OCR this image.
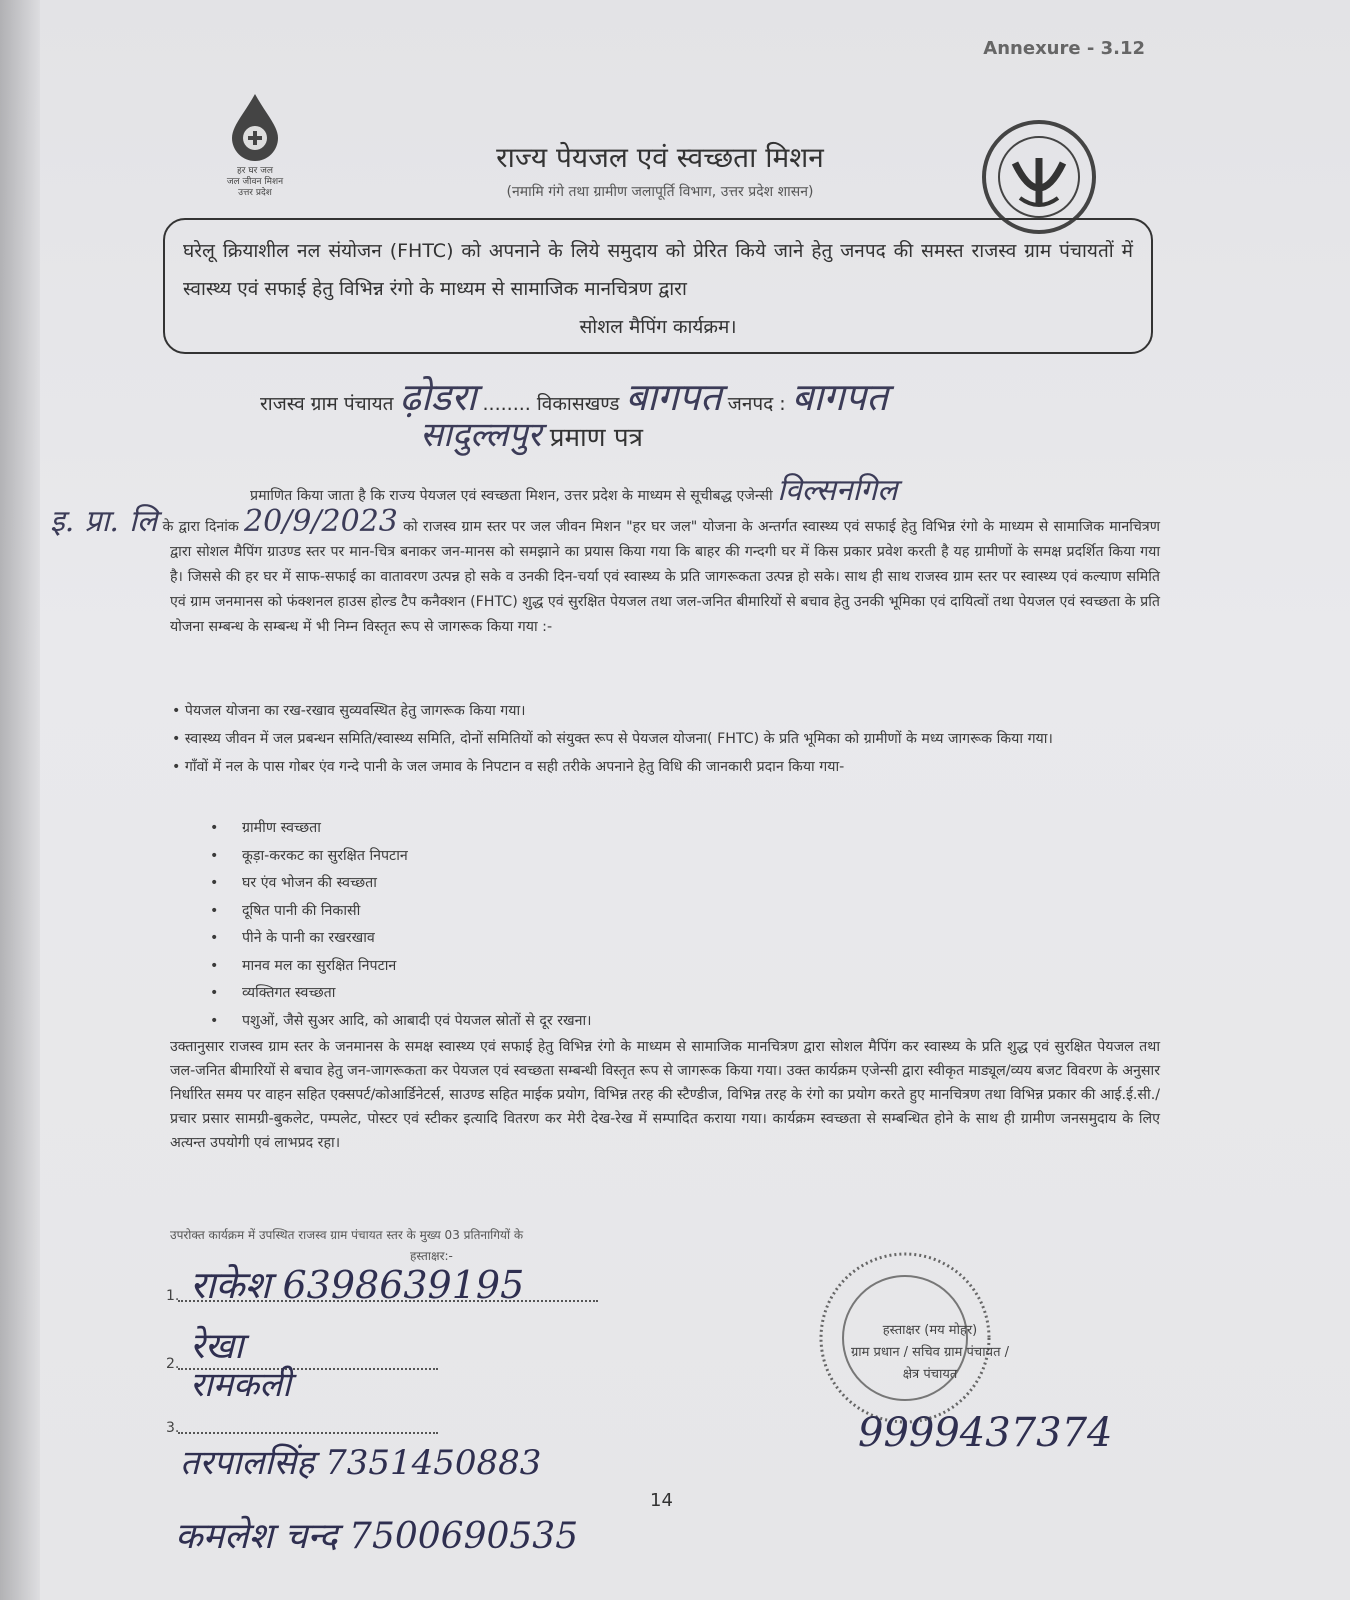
Annexure - 3.12
हर घर जल
जल जीवन मिशन
उत्तर प्रदेश
राज्य पेयजल एवं स्वच्छता मिशन
(नमामि गंगे तथा ग्रामीण जलापूर्ति विभाग, उत्तर प्रदेश शासन)
घरेलू क्रियाशील नल संयोजन (FHTC) को अपनाने के लिये समुदाय को प्रेरित किये जाने हेतु जनपद की समस्त राजस्व ग्राम पंचायतों में स्वास्थ्य एवं सफाई हेतु विभिन्न रंगो के माध्यम से सामाजिक मानचित्रण द्वारा
सोशल मैपिंग कार्यक्रम।
राजस्व ग्राम पंचायत ढ़ोडरा ........ विकासखण्ड बागपत जनपद : बागपत
सादुल्लपुर प्रमाण पत्र
प्रमाणित किया जाता है कि राज्य पेयजल एवं स्वच्छता मिशन, उत्तर प्रदेश के माध्यम से सूचीबद्ध एजेन्सी विल्सनगिल
इ. प्रा. लि के द्वारा दिनांक 20/9/2023 को राजस्व ग्राम स्तर पर जल जीवन मिशन "हर घर जल" योजना के अन्तर्गत स्वास्थ्य एवं सफाई हेतु विभिन्न रंगो के माध्यम से सामाजिक मानचित्रण द्वारा सोशल मैपिंग ग्राउण्ड स्तर पर मान-चित्र बनाकर जन-मानस को समझाने का प्रयास किया गया कि बाहर की गन्दगी घर में किस प्रकार प्रवेश करती है यह ग्रामीणों के समक्ष प्रदर्शित किया गया है। जिससे की हर घर में साफ-सफाई का वातावरण उत्पन्न हो सके व उनकी दिन-चर्या एवं स्वास्थ्य के प्रति जागरूकता उत्पन्न हो सके। साथ ही साथ राजस्व ग्राम स्तर पर स्वास्थ्य एवं कल्याण समिति एवं ग्राम जनमानस को फंक्शनल हाउस होल्ड टैप कनैक्शन (FHTC) शुद्ध एवं सुरक्षित पेयजल तथा जल-जनित बीमारियों से बचाव हेतु उनकी भूमिका एवं दायित्वों तथा पेयजल एवं स्वच्छता के प्रति योजना सम्बन्ध के सम्बन्ध में भी निम्न विस्तृत रूप से जागरूक किया गया :-
• पेयजल योजना का रख-रखाव सुव्यवस्थित हेतु जागरूक किया गया।
• स्वास्थ्य जीवन में जल प्रबन्धन समिति/स्वास्थ्य समिति, दोनों समितियों को संयुक्त रूप से पेयजल योजना( FHTC) के प्रति भूमिका को ग्रामीणों के मध्य जागरूक किया गया।
• गाँवों में नल के पास गोबर एंव गन्दे पानी के जल जमाव के निपटान व सही तरीके अपनाने हेतु विधि की जानकारी प्रदान किया गया-
• ग्रामीण स्वच्छता
• कूड़ा-करकट का सुरक्षित निपटान
• घर एंव भोजन की स्वच्छता
• दूषित पानी की निकासी
• पीने के पानी का रखरखाव
• मानव मल का सुरक्षित निपटान
• व्यक्तिगत स्वच्छता
• पशुओं, जैसे सुअर आदि, को आबादी एवं पेयजल स्रोतों से दूर रखना।
उक्तानुसार राजस्व ग्राम स्तर के जनमानस के समक्ष स्वास्थ्य एवं सफाई हेतु विभिन्न रंगो के माध्यम से सामाजिक मानचित्रण द्वारा सोशल मैपिंग कर स्वास्थ्य के प्रति शुद्ध एवं सुरक्षित पेयजल तथा जल-जनित बीमारियों से बचाव हेतु जन-जागरूकता कर पेयजल एवं स्वच्छता सम्बन्धी विस्तृत रूप से जागरूक किया गया। उक्त कार्यक्रम एजेन्सी द्वारा स्वीकृत माड्यूल/व्यय बजट विवरण के अनुसार निर्धारित समय पर वाहन सहित एक्सपर्ट/कोआर्डिनेटर्स, साउण्ड सहित माईक प्रयोग, विभिन्न तरह की स्टैण्डीज, विभिन्न तरह के रंगो का प्रयोग करते हुए मानचित्रण तथा विभिन्न प्रकार की आई.ई.सी./प्रचार प्रसार सामग्री-बुकलेट, पम्पलेट, पोस्टर एवं स्टीकर इत्यादि वितरण कर मेरी देख-रेख में सम्पादित कराया गया। कार्यक्रम स्वच्छता से सम्बन्धित होने के साथ ही ग्रामीण जनसमुदाय के लिए अत्यन्त उपयोगी एवं लाभप्रद रहा।
उपरोक्त कार्यक्रम में उपस्थित राजस्व ग्राम पंचायत स्तर के मुख्य 03 प्रतिनागियों के
हस्ताक्षर:-
1. राकेश 6398639195
2. रेखा
रामकली
3.
तरपालसिंह 7351450883
कमलेश चन्द 7500690535
हस्ताक्षर (मय मोहर)
ग्राम प्रधान / सचिव ग्राम पंचायत /
क्षेत्र पंचायत
9999437374
14
